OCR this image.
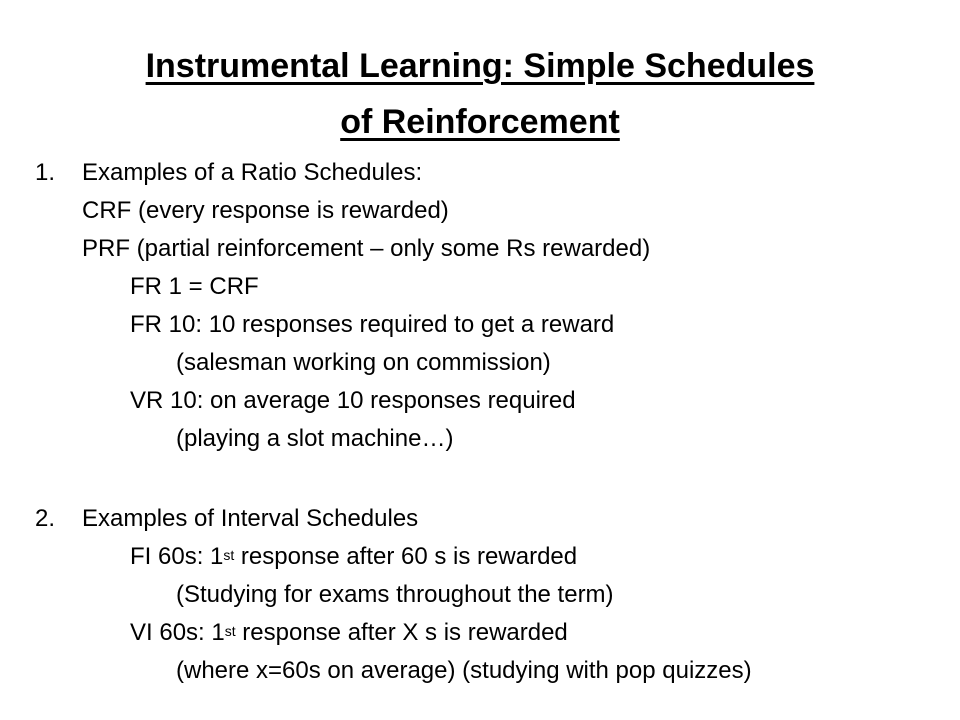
Instrumental Learning: Simple Schedules
of Reinforcement
1. Examples of a Ratio Schedules:
CRF (every response is rewarded)
PRF (partial reinforcement – only some Rs rewarded)
FR 1 = CRF
FR 10: 10 responses required to get a reward
(salesman working on commission)
VR 10: on average 10 responses required
(playing a slot machine…)
2. Examples of Interval Schedules
FI 60s: 1st response after 60 s is rewarded
(Studying for exams throughout the term)
VI 60s: 1st response after X s is rewarded
(where x=60s on average) (studying with pop quizzes)
